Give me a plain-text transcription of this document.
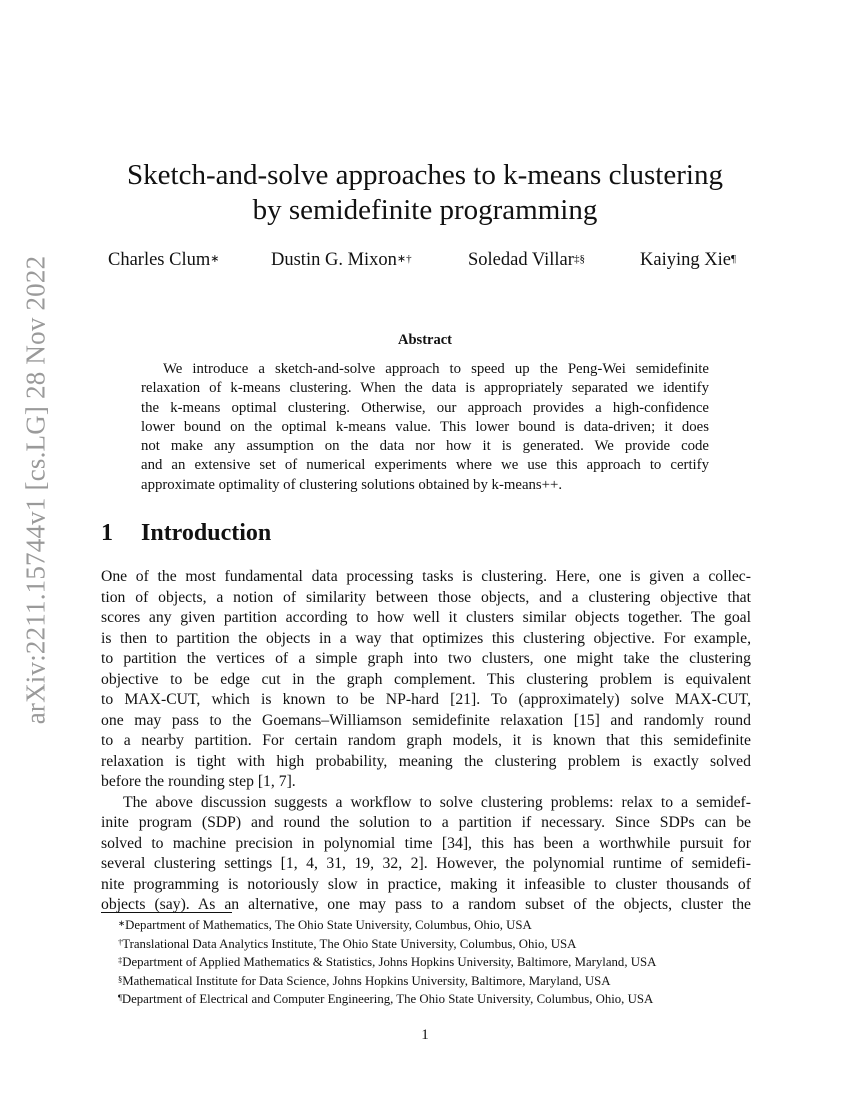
arXiv:2211.15744v1 [cs.LG] 28 Nov 2022
Sketch-and-solve approaches to k-means clustering
by semidefinite programming
Charles Clum∗	Dustin G. Mixon∗†	Soledad Villar‡§	Kaiying Xie¶
Abstract
We introduce a sketch-and-solve approach to speed up the Peng-Wei semidefinite
relaxation of k-means clustering. When the data is appropriately separated we identify
the k-means optimal clustering. Otherwise, our approach provides a high-confidence
lower bound on the optimal k-means value. This lower bound is data-driven; it does
not make any assumption on the data nor how it is generated. We provide code
and an extensive set of numerical experiments where we use this approach to certify
approximate optimality of clustering solutions obtained by k-means++.
1 Introduction
One of the most fundamental data processing tasks is clustering. Here, one is given a collec-
tion of objects, a notion of similarity between those objects, and a clustering objective that
scores any given partition according to how well it clusters similar objects together. The goal
is then to partition the objects in a way that optimizes this clustering objective. For example,
to partition the vertices of a simple graph into two clusters, one might take the clustering
objective to be edge cut in the graph complement. This clustering problem is equivalent
to MAX-CUT, which is known to be NP-hard [21]. To (approximately) solve MAX-CUT,
one may pass to the Goemans–Williamson semidefinite relaxation [15] and randomly round
to a nearby partition. For certain random graph models, it is known that this semidefinite
relaxation is tight with high probability, meaning the clustering problem is exactly solved
before the rounding step [1, 7].
The above discussion suggests a workflow to solve clustering problems: relax to a semidef-
inite program (SDP) and round the solution to a partition if necessary. Since SDPs can be
solved to machine precision in polynomial time [34], this has been a worthwhile pursuit for
several clustering settings [1, 4, 31, 19, 32, 2]. However, the polynomial runtime of semidefi-
nite programming is notoriously slow in practice, making it infeasible to cluster thousands of
objects (say). As an alternative, one may pass to a random subset of the objects, cluster the
∗Department of Mathematics, The Ohio State University, Columbus, Ohio, USA
†Translational Data Analytics Institute, The Ohio State University, Columbus, Ohio, USA
‡Department of Applied Mathematics & Statistics, Johns Hopkins University, Baltimore, Maryland, USA
§Mathematical Institute for Data Science, Johns Hopkins University, Baltimore, Maryland, USA
¶Department of Electrical and Computer Engineering, The Ohio State University, Columbus, Ohio, USA
1
